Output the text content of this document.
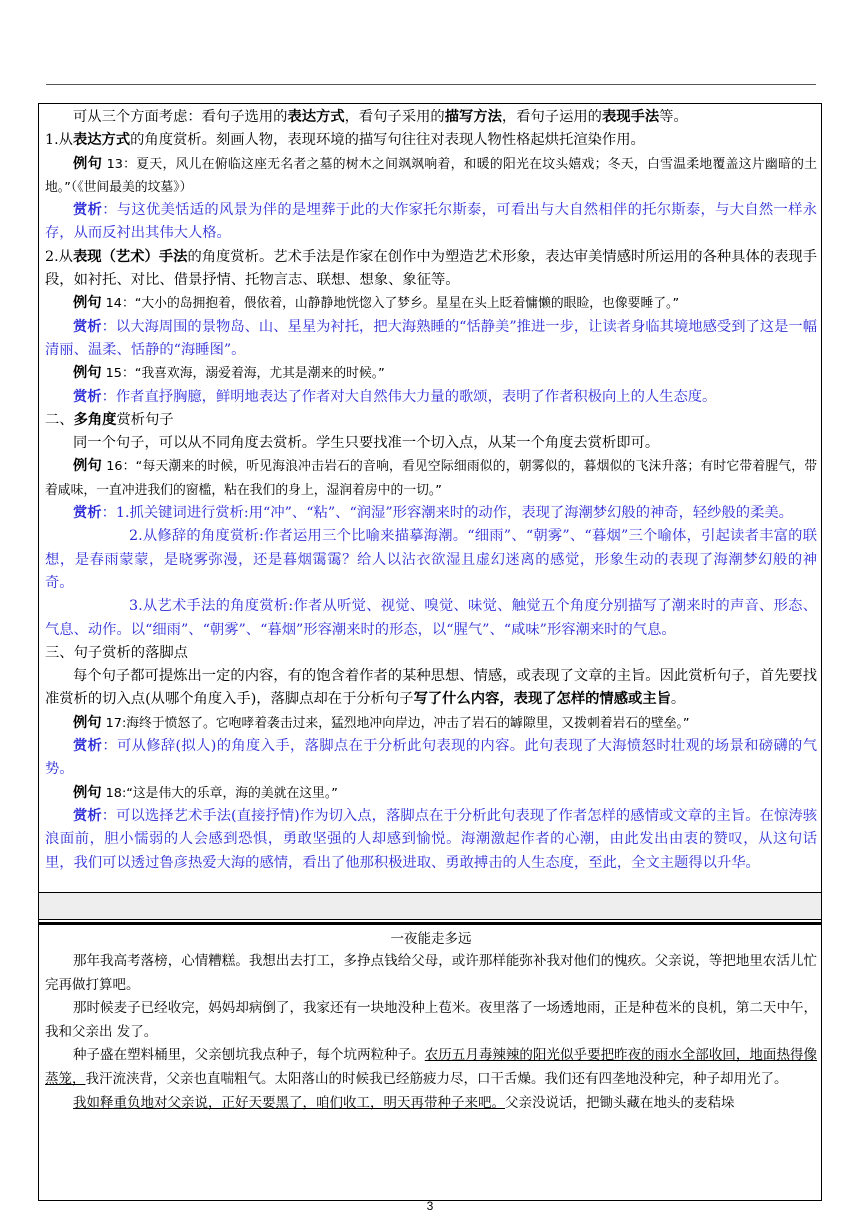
可从三个方面考虑：看句子选用的表达方式，看句子采用的描写方法，看句子运用的表现手法等。

1.从表达方式的角度赏析。刻画人物，表现环境的描写句往往对表现人物性格起烘托渲染作用。

例句 13：夏天，风儿在俯临这座无名者之墓的树木之间飒飒响着，和暖的阳光在坟头嬉戏；冬天，白雪温柔地覆盖这片幽暗的土地。”（《世间最美的坟墓》）

赏析：与这优美恬适的风景为伴的是埋葬于此的大作家托尔斯泰，可看出与大自然相伴的托尔斯泰，与大自然一样永存，从而反衬出其伟大人格。

2.从表现（艺术）手法的角度赏析。艺术手法是作家在创作中为塑造艺术形象，表达审美情感时所运用的各种具体的表现手段，如衬托、对比、借景抒情、托物言志、联想、想象、象征等。

例句 14：“大小的岛拥抱着，偎依着，山静静地恍惚入了梦乡。星星在头上眨着慵懒的眼睑，也像要睡了。”

赏析：以大海周围的景物岛、山、星星为衬托，把大海熟睡的“恬静美”推进一步，让读者身临其境地感受到了这是一幅清丽、温柔、恬静的“海睡图”。

例句 15：“我喜欢海，溺爱着海，尤其是潮来的时候。”

赏析：作者直抒胸臆，鲜明地表达了作者对大自然伟大力量的歌颂，表明了作者积极向上的人生态度。

二、多角度赏析句子

同一个句子，可以从不同角度去赏析。学生只要找准一个切入点，从某一个角度去赏析即可。

例句 16：“每天潮来的时候，听见海浪冲击岩石的音响，看见空际细雨似的，朝雾似的，暮烟似的飞沫升落；有时它带着腥气，带着咸味，一直冲进我们的窗槛，粘在我们的身上，湿润着房中的一切。”

赏析：1.抓关键词进行赏析:用“冲”、“粘”、“润湿”形容潮来时的动作，表现了海潮梦幻般的神奇，轻纱般的柔美。

2.从修辞的角度赏析:作者运用三个比喻来描摹海潮。“细雨”、“朝雾”、“暮烟”三个喻体，引起读者丰富的联想，是春雨蒙蒙，是晓雾弥漫，还是暮烟霭霭？给人以沾衣欲湿且虚幻迷离的感觉，形象生动的表现了海潮梦幻般的神奇。

3.从艺术手法的角度赏析:作者从听觉、视觉、嗅觉、味觉、触觉五个角度分别描写了潮来时的声音、形态、气息、动作。以“细雨”、“朝雾”、“暮烟”形容潮来时的形态，以“腥气”、“咸味”形容潮来时的气息。

三、句子赏析的落脚点

每个句子都可提炼出一定的内容，有的饱含着作者的某种思想、情感，或表现了文章的主旨。因此赏析句子，首先要找准赏析的切入点(从哪个角度入手)，落脚点却在于分析句子写了什么内容，表现了怎样的情感或主旨。

例句 17:海终于愤怒了。它咆哮着袭击过来，猛烈地冲向岸边，冲击了岩石的罅隙里，又拨刺着岩石的壁垒。”

赏析：可从修辞(拟人)的角度入手，落脚点在于分析此句表现的内容。此句表现了大海愤怒时壮观的场景和磅礴的气势。

例句 18:“这是伟大的乐章，海的美就在这里。”

赏析：可以选择艺术手法(直接抒情)作为切入点，落脚点在于分析此句表现了作者怎样的感情或文章的主旨。在惊涛骇浪面前，胆小懦弱的人会感到恐惧，勇敢坚强的人却感到愉悦。海潮激起作者的心潮，由此发出由衷的赞叹，从这句话里，我们可以透过鲁彦热爱大海的感情，看出了他那积极进取、勇敢搏击的人生态度，至此，全文主题得以升华。

一夜能走多远

那年我高考落榜，心情糟糕。我想出去打工，多挣点钱给父母，或许那样能弥补我对他们的愧疚。父亲说，等把地里农活儿忙完再做打算吧。

那时候麦子已经收完，妈妈却病倒了，我家还有一块地没种上苞米。夜里落了一场透地雨，正是种苞米的良机，第二天中午，我和父亲出 发了。

种子盛在塑料桶里，父亲刨坑我点种子，每个坑两粒种子。农历五月毒辣辣的阳光似乎要把昨夜的雨水全部收回，地面热得像蒸笼，我汗流浃背，父亲也直喘粗气。太阳落山的时候我已经筋疲力尽，口干舌燥。我们还有四垄地没种完，种子却用光了。

我如释重负地对父亲说，正好天要黑了，咱们收工，明天再带种子来吧。父亲没说话，把锄头藏在地头的麦秸垛

3
